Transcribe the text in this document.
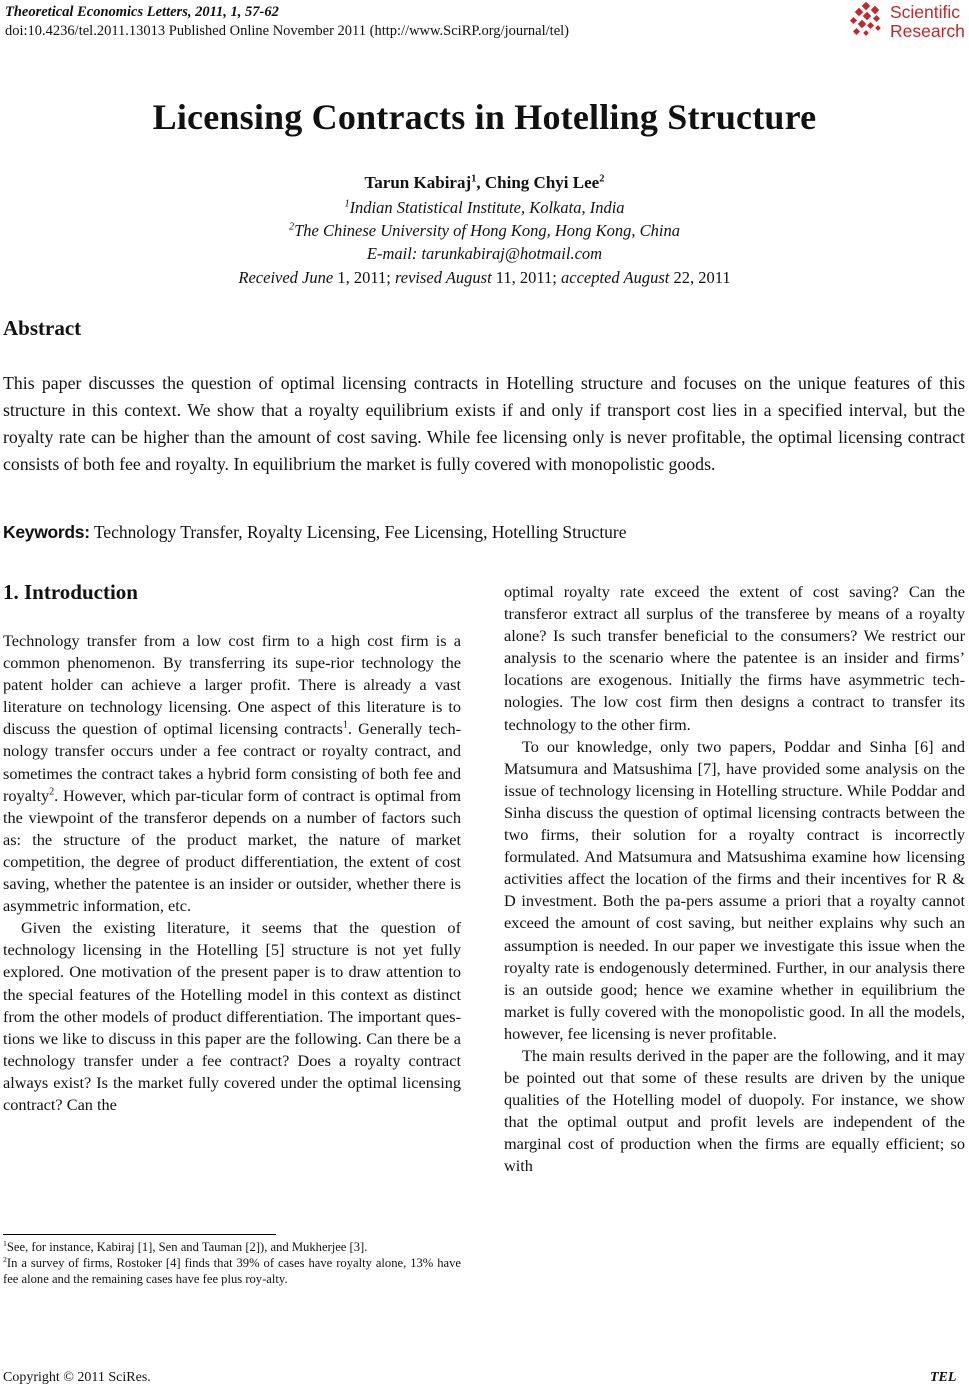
Theoretical Economics Letters, 2011, 1, 57-62
doi:10.4236/tel.2011.13013 Published Online November 2011 (http://www.SciRP.org/journal/tel)
Scientific
Research
Licensing Contracts in Hotelling Structure
Tarun Kabiraj$^1$, Ching Chyi Lee$^2$
$^1$Indian Statistical Institute, Kolkata, India
$^2$The Chinese University of Hong Kong, Hong Kong, China
E-mail: tarunkabiraj@hotmail.com
Received June 1, 2011; revised August 11, 2011; accepted August 22, 2011
Abstract
This paper discusses the question of optimal licensing contracts in Hotelling structure and focuses on the unique features of this structure in this context. We show that a royalty equilibrium exists if and only if transport cost lies in a specified interval, but the royalty rate can be higher than the amount of cost saving. While fee licensing only is never profitable, the optimal licensing contract consists of both fee and royalty. In equilibrium the market is fully covered with monopolistic goods.
Keywords: Technology Transfer, Royalty Licensing, Fee Licensing, Hotelling Structure
1. Introduction

Technology transfer from a low cost firm to a high cost firm is a common phenomenon. By transferring its supe-rior technology the patent holder can achieve a larger profit. There is already a vast literature on technology licensing. One aspect of this literature is to discuss the question of optimal licensing contracts$^1$. Generally tech-nology transfer occurs under a fee contract or royalty contract, and sometimes the contract takes a hybrid form consisting of both fee and royalty$^2$. However, which par-ticular form of contract is optimal from the viewpoint of the transferor depends on a number of factors such as: the structure of the product market, the nature of market competition, the degree of product differentiation, the extent of cost saving, whether the patentee is an insider or outsider, whether there is asymmetric information, etc.

Given the existing literature, it seems that the question of technology licensing in the Hotelling [5] structure is not yet fully explored. One motivation of the present paper is to draw attention to the special features of the Hotelling model in this context as distinct from the other models of product differentiation. The important ques-tions we like to discuss in this paper are the following. Can there be a technology transfer under a fee contract? Does a royalty contract always exist? Is the market fully covered under the optimal licensing contract? Can the

optimal royalty rate exceed the extent of cost saving? Can the transferor extract all surplus of the transferee by means of a royalty alone? Is such transfer beneficial to the consumers? We restrict our analysis to the scenario where the patentee is an insider and firms’ locations are exogenous. Initially the firms have asymmetric tech-nologies. The low cost firm then designs a contract to transfer its technology to the other firm.

To our knowledge, only two papers, Poddar and Sinha [6] and Matsumura and Matsushima [7], have provided some analysis on the issue of technology licensing in Hotelling structure. While Poddar and Sinha discuss the question of optimal licensing contracts between the two firms, their solution for a royalty contract is incorrectly formulated. And Matsumura and Matsushima examine how licensing activities affect the location of the firms and their incentives for R & D investment. Both the pa-pers assume a priori that a royalty cannot exceed the amount of cost saving, but neither explains why such an assumption is needed. In our paper we investigate this issue when the royalty rate is endogenously determined. Further, in our analysis there is an outside good; hence we examine whether in equilibrium the market is fully covered with the monopolistic good. In all the models, however, fee licensing is never profitable.

The main results derived in the paper are the following, and it may be pointed out that some of these results are driven by the unique qualities of the Hotelling model of duopoly. For instance, we show that the optimal output and profit levels are independent of the marginal cost of production when the firms are equally efficient; so with

$^1$See, for instance, Kabiraj [1], Sen and Tauman [2]), and Mukherjee [3].

$^2$In a survey of firms, Rostoker [4] finds that 39% of cases have royalty alone, 13% have fee alone and the remaining cases have fee plus roy-alty.

Copyright © 2011 SciRes.	TEL
